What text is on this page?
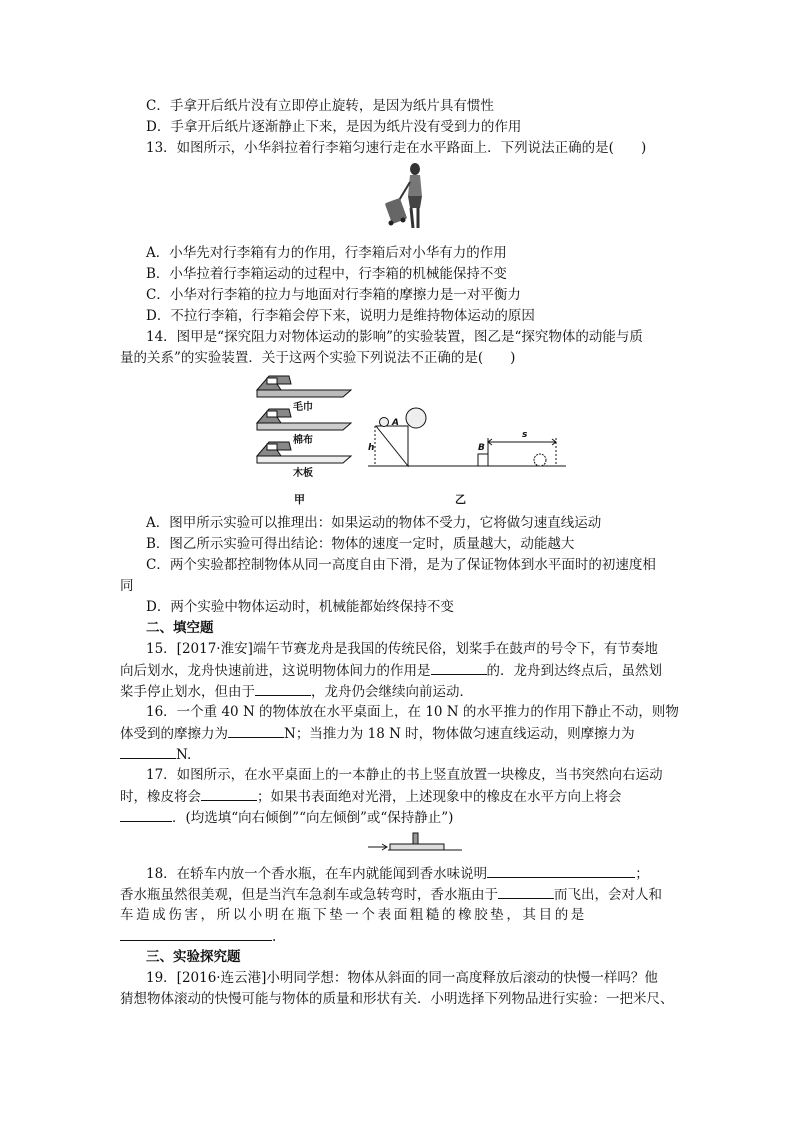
C．手拿开后纸片没有立即停止旋转，是因为纸片具有惯性
D．手拿开后纸片逐渐静止下来，是因为纸片没有受到力的作用
13．如图所示，小华斜拉着行李箱匀速行走在水平路面上．下列说法正确的是(　　)
A．小华先对行李箱有力的作用，行李箱后对小华有力的作用
B．小华拉着行李箱运动的过程中，行李箱的机械能保持不变
C．小华对行李箱的拉力与地面对行李箱的摩擦力是一对平衡力
D．不拉行李箱，行李箱会停下来，说明力是维持物体运动的原因
14．图甲是“探究阻力对物体运动的影响”的实验装置，图乙是“探究物体的动能与质
量的关系”的实验装置．关于这两个实验下列说法不正确的是(　　)
毛巾
棉布
木板
甲
A
h	B
s
乙
A．图甲所示实验可以推理出：如果运动的物体不受力，它将做匀速直线运动
B．图乙所示实验可得出结论：物体的速度一定时，质量越大，动能越大
C．两个实验都控制物体从同一高度自由下滑，是为了保证物体到水平面时的初速度相
同
D．两个实验中物体运动时，机械能都始终保持不变
二、填空题
15．[2017·淮安]端午节赛龙舟是我国的传统民俗，划桨手在鼓声的号令下，有节奏地
向后划水，龙舟快速前进，这说明物体间力的作用是	的．龙舟到达终点后，虽然划
桨手停止划水，但由于	，龙舟仍会继续向前运动．
16．一个重 40 N 的物体放在水平桌面上，在 10 N 的水平推力的作用下静止不动，则物
体受到的摩擦力为	N；当推力为 18 N 时，物体做匀速直线运动，则摩擦力为
N.
17．如图所示，在水平桌面上的一本静止的书上竖直放置一块橡皮，当书突然向右运动
时，橡皮将会	；如果书表面绝对光滑，上述现象中的橡皮在水平方向上将会
．(均选填“向右倾倒”“向左倾倒”或“保持静止”)
18．在轿车内放一个香水瓶，在车内就能闻到香水味说明	；
香水瓶虽然很美观，但是当汽车急刹车或急转弯时，香水瓶由于	而飞出，会对人和
车造成伤害，所以小明在瓶下垫一个表面粗糙的橡胶垫，其目的是
.
三、实验探究题
19．[2016·连云港]小明同学想：物体从斜面的同一高度释放后滚动的快慢一样吗？他
猜想物体滚动的快慢可能与物体的质量和形状有关．小明选择下列物品进行实验：一把米尺、
